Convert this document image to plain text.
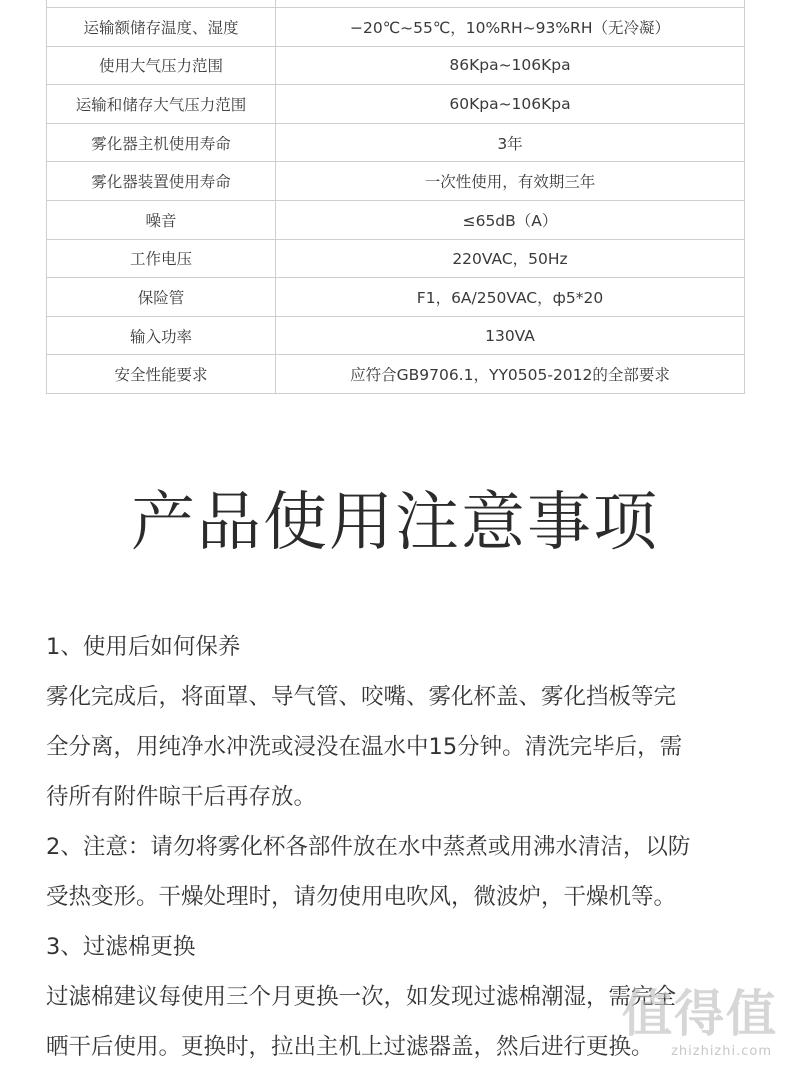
运输额储存温度、湿度	−20℃~55℃，10%RH~93%RH（无冷凝）
使用大气压力范围	86Kpa~106Kpa
运输和储存大气压力范围	60Kpa~106Kpa
雾化器主机使用寿命	3年
雾化器装置使用寿命	一次性使用，有效期三年
噪音	≤65dB（A）
工作电压	220VAC，50Hz
保险管	F1，6A/250VAC，ф5*20
输入功率	130VA
安全性能要求	应符合GB9706.1，YY0505-2012的全部要求
产品使用注意事项
1、使用后如何保养
雾化完成后，将面罩、导气管、咬嘴、雾化杯盖、雾化挡板等完
全分离，用纯净水冲洗或浸没在温水中15分钟。清洗完毕后，需
待所有附件晾干后再存放。
2、注意：请勿将雾化杯各部件放在水中蒸煮或用沸水清洁，以防
受热变形。干燥处理时，请勿使用电吹风，微波炉，干燥机等。
3、过滤棉更换
过滤棉建议每使用三个月更换一次，如发现过滤棉潮湿，需完全
晒干后使用。更换时，拉出主机上过滤器盖，然后进行更换。
值得值
zhizhizhi.com
